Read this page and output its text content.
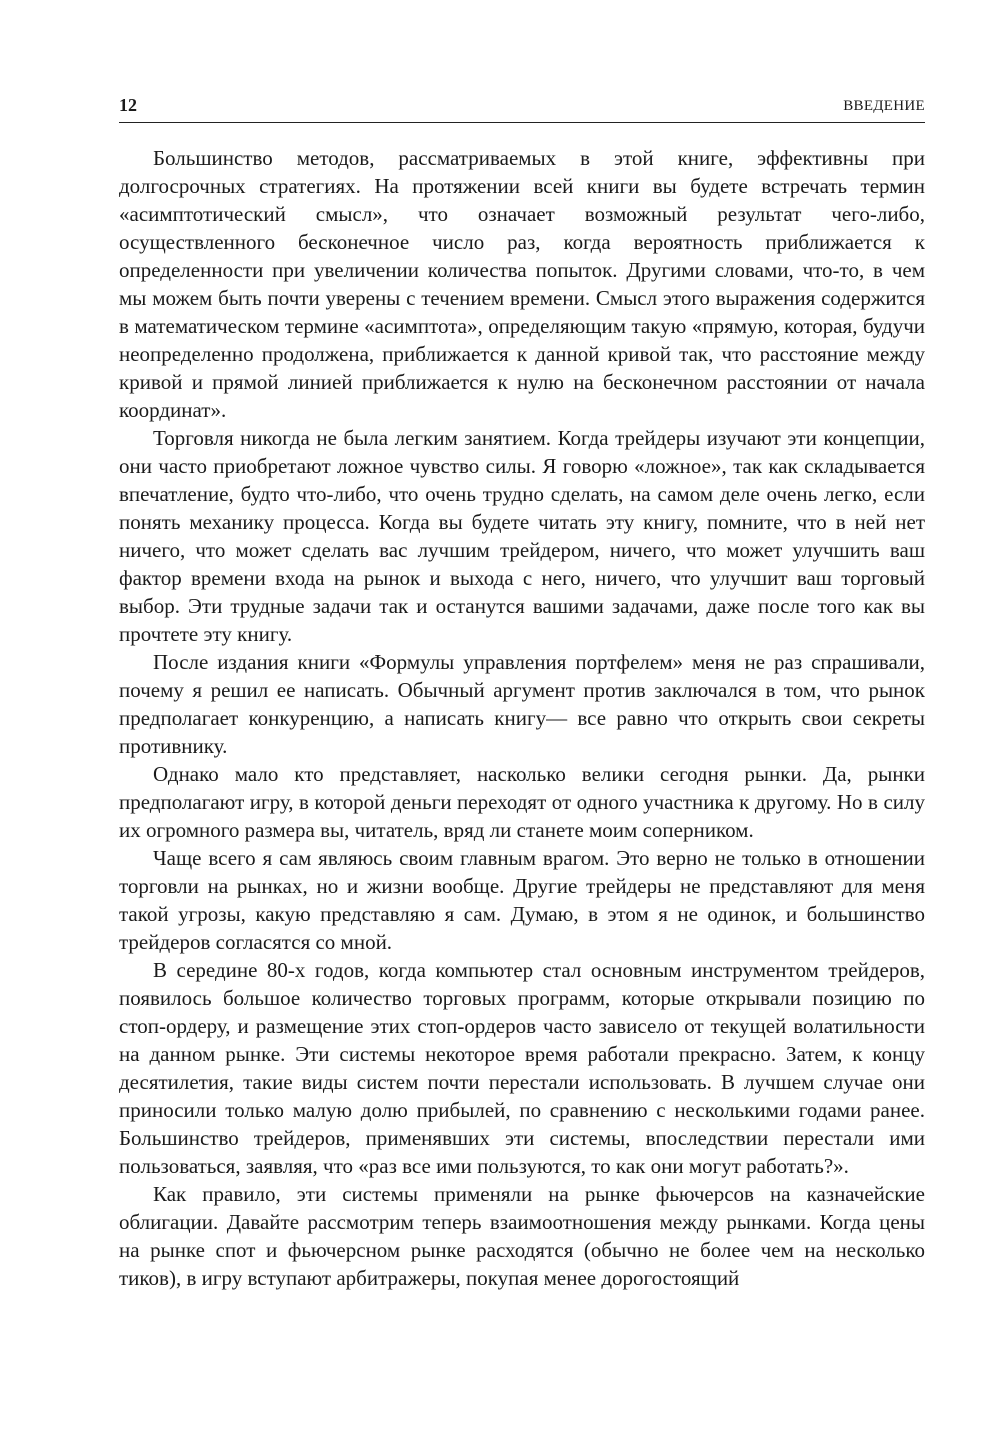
12	ВВЕДЕНИЕ

Большинство методов, рассматриваемых в этой книге, эффективны при долгосрочных стратегиях. На протяжении всей книги вы будете встречать термин «асимптотический смысл», что означает возможный результат чего-либо, осуществленного бесконечное число раз, когда вероятность приближается к определенности при увеличении количества попыток. Другими словами, что-то, в чем мы можем быть почти уверены с течением времени. Смысл этого выражения содержится в математическом термине «асимптота», определяющим такую «прямую, которая, будучи неопределенно продолжена, приближается к данной кривой так, что расстояние между кривой и прямой линией приближается к нулю на бесконечном расстоянии от начала координат».

Торговля никогда не была легким занятием. Когда трейдеры изучают эти концепции, они часто приобретают ложное чувство силы. Я говорю «ложное», так как складывается впечатление, будто что-либо, что очень трудно сделать, на самом деле очень легко, если понять механику процесса. Когда вы будете читать эту книгу, помните, что в ней нет ничего, что может сделать вас лучшим трейдером, ничего, что может улучшить ваш фактор времени входа на рынок и выхода с него, ничего, что улучшит ваш торговый выбор. Эти трудные задачи так и останутся вашими задачами, даже после того как вы прочтете эту книгу.

После издания книги «Формулы управления портфелем» меня не раз спрашивали, почему я решил ее написать. Обычный аргумент против заключался в том, что рынок предполагает конкуренцию, а написать книгу— все равно что открыть свои секреты противнику.

Однако мало кто представляет, насколько велики сегодня рынки. Да, рынки предполагают игру, в которой деньги переходят от одного участника к другому. Но в силу их огромного размера вы, читатель, вряд ли станете моим соперником.

Чаще всего я сам являюсь своим главным врагом. Это верно не только в отношении торговли на рынках, но и жизни вообще. Другие трейдеры не представляют для меня такой угрозы, какую представляю я сам. Думаю, в этом я не одинок, и большинство трейдеров согласятся со мной.

В середине 80-х годов, когда компьютер стал основным инструментом трейдеров, появилось большое количество торговых программ, которые открывали позицию по стоп-ордеру, и размещение этих стоп-ордеров часто зависело от текущей волатильности на данном рынке. Эти системы некоторое время работали прекрасно. Затем, к концу десятилетия, такие виды систем почти перестали использовать. В лучшем случае они приносили только малую долю прибылей, по сравнению с несколькими годами ранее. Большинство трейдеров, применявших эти системы, впоследствии перестали ими пользоваться, заявляя, что «раз все ими пользуются, то как они могут работать?».

Как правило, эти системы применяли на рынке фьючерсов на казначейские облигации. Давайте рассмотрим теперь взаимоотношения между рынками. Когда цены на рынке спот и фьючерсном рынке расходятся (обычно не более чем на несколько тиков), в игру вступают арбитражеры, покупая менее дорогостоящий
